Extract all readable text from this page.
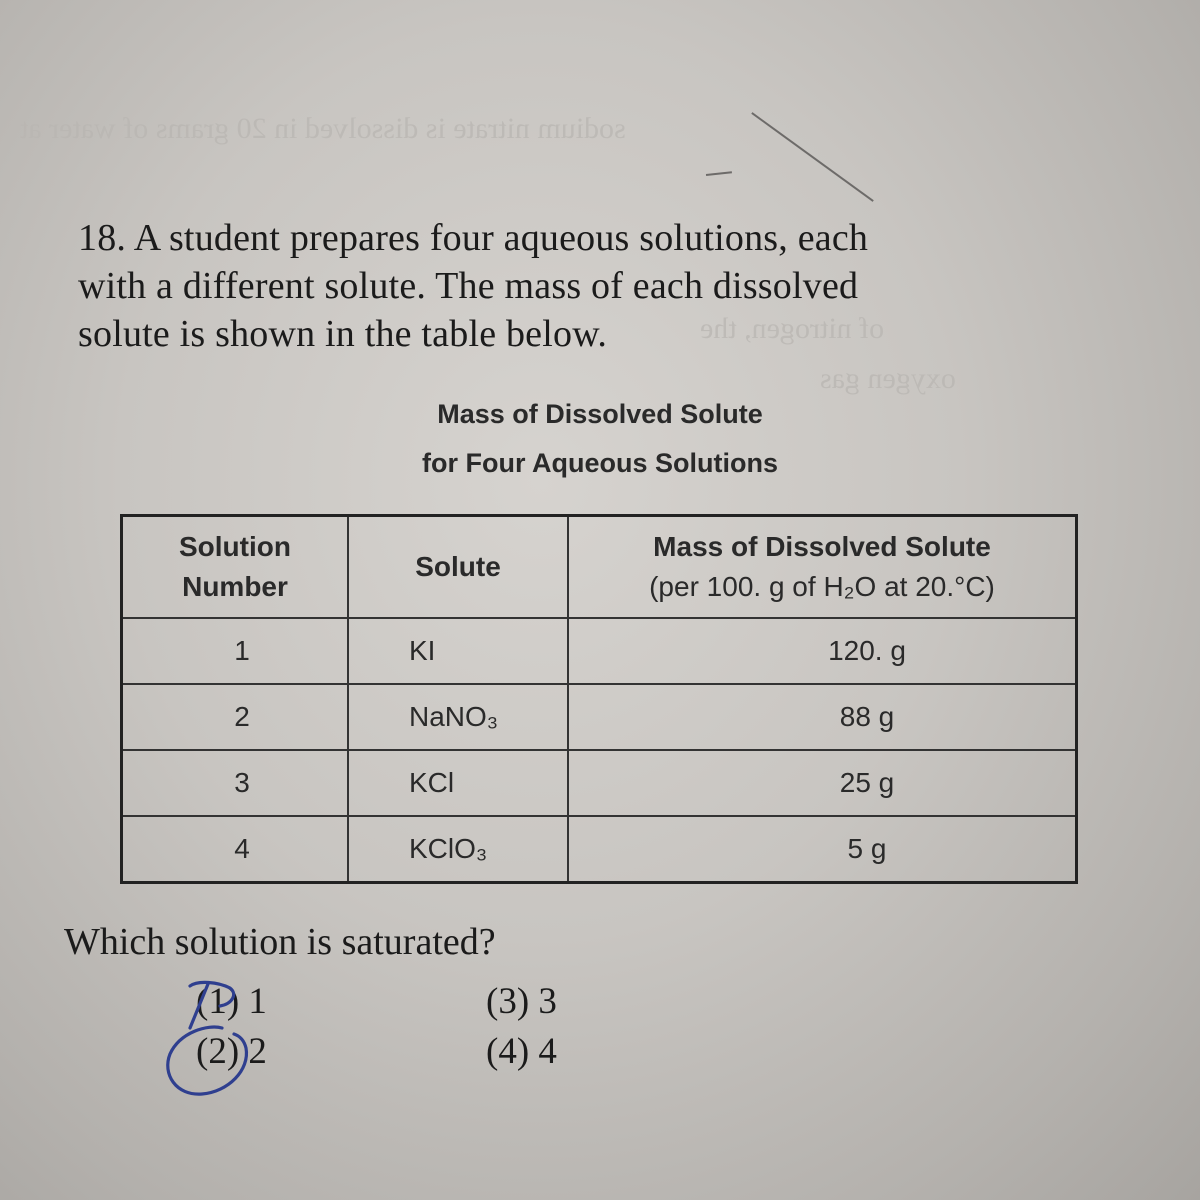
sodium nitrate is dissolved in 20 grams of water at
of nitrogen, the
oxygen gas
18. A student prepares four aqueous solutions, each
with a different solute. The mass of each dissolved
solute is shown in the table below.
Mass of Dissolved Solute
for Four Aqueous Solutions
Solution
Number	Solute	Mass of Dissolved Solute
(per 100. g of H₂O at 20.°C)

1	KI	120. g
2	NaNO₃	88 g
3	KCl	25 g
4	KClO₃	5 g
Which solution is saturated?
(1) 1
(2) 2
(3) 3
(4) 4
